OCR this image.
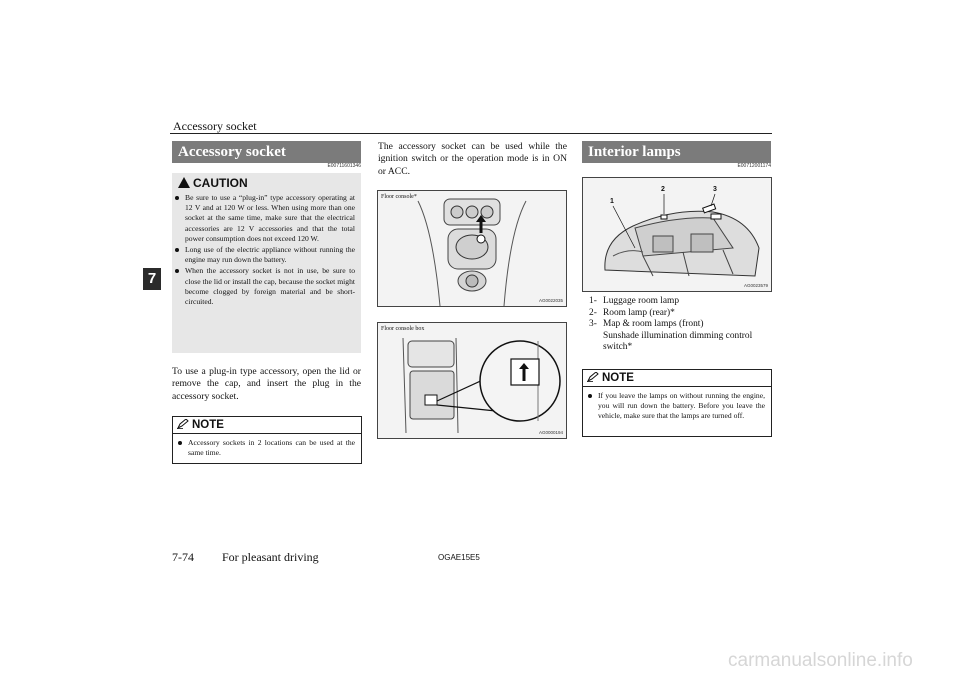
Accessory socket
7
Accessory socket
E00711601346
CAUTION
Be sure to use a “plug-in” type accessory operating at 12 V and at 120 W or less. When using more than one socket at the same time, make sure that the electrical accessories are 12 V accessories and that the total power consumption does not exceed 120 W.
Long use of the electric appliance without running the engine may run down the battery.
When the accessory socket is not in use, be sure to close the lid or install the cap, because the socket might become clogged by foreign material and be short-circuited.
To use a plug-in type accessory, open the lid or remove the cap, and insert the plug in the accessory socket.
NOTE
Accessory sockets in 2 locations can be used at the same time.
The accessory socket can be used while the ignition switch or the operation mode is in ON or ACC.
Floor console*
AG0022035
Floor console box
AG0000194
Interior lamps
E00712001174
1
2	3
AG0023579
1- Luggage room lamp
2- Room lamp (rear)*
3- Map & room lamps (front)
Sunshade illumination dimming control switch*
NOTE
If you leave the lamps on without running the engine, you will run down the battery. Before you leave the vehicle, make sure that the lamps are turned off.
7-74 For pleasant driving	OGAE15E5
carmanualsonline.info
